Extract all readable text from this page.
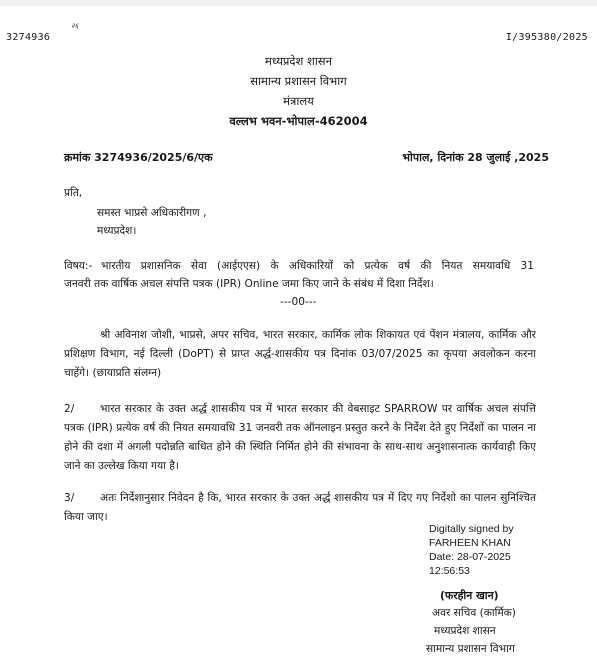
3274936
२६
I/395380/2025
मध्यप्रदेश शासन
सामान्य प्रशासन विभाग
मंत्रालय
वल्लभ भवन-भोपाल-462004
क्रमांक 3274936/2025/6/एक	भोपाल, दिनांक 28 जुलाई ,2025
प्रति,
समस्त भाप्रसे अधिकारीगण ,
मध्यप्रदेश।
विषय:- भारतीय प्रशासनिक सेवा (आईएएस) के अधिकारियों को प्रत्येक वर्ष की नियत समयावधि 31
जनवरी तक वार्षिक अचल संपत्ति पत्रक (IPR) Online जमा किए जाने के संबंध में दिशा निर्देश।
---00---
श्री अविनाश जोशी, भाप्रसे, अपर सचिव, भारत सरकार, कार्मिक लोक शिकायत एवं पेंशन मंत्रालय, कार्मिक और प्रशिक्षण विभाग, नई दिल्ली (DoPT) से प्राप्त अर्द्ध-शासकीय पत्र दिनांक 03/07/2025 का कृपया अवलोकन करना चाहेंगे। (छायाप्रति संलग्न)
2/	भारत सरकार के उक्त अर्द्ध शासकीय पत्र में भारत सरकार की वेबसाइट SPARROW पर वार्षिक अचल संपत्ति पत्रक (IPR) प्रत्येक वर्ष की नियत समयावधि 31 जनवरी तक ऑनलाइन प्रस्तुत करने के निर्देश देते हुए निर्देशों का पालन ना होने की दशा में अगली पदोन्नति बाधित होने की स्थिति निर्मित होने की संभावना के साथ-साथ अनुशासनात्क कार्यवाही किए जाने का उल्लेख किया गया है।
3/	अतः निर्देशानुसार निवेदन है कि, भारत सरकार के उक्त अर्द्ध शासकीय पत्र में दिए गए निर्देशो का पालन सुनिश्चित किया जाए।
Digitally signed by
FARHEEN KHAN
Date: 28-07-2025
12:56:53
(फरहीन खान)
अवर सचिव (कार्मिक)
मध्यप्रदेश शासन
सामान्य प्रशासन विभाग
